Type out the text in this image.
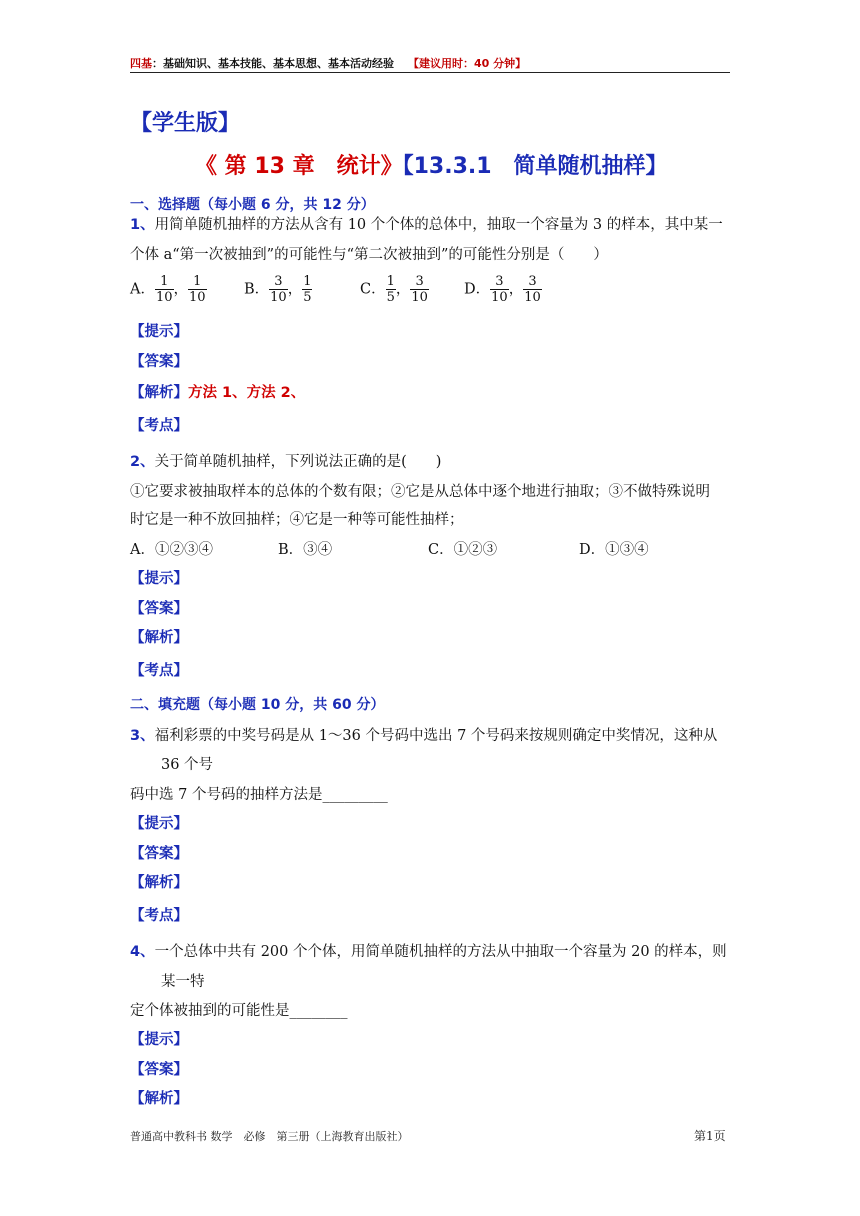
四基：基础知识、基本技能、基本思想、基本活动经验 【建议用时：40 分钟】
【学生版】
《 第 13 章　统计》【13.3.1　简单随机抽样】
一、选择题（每小题 6 分，共 12 分）
1、用简单随机抽样的方法从含有 10 个个体的总体中，抽取一个容量为 3 的样本，其中某一
个体 a“第一次被抽到”的可能性与“第二次被抽到”的可能性分别是（　　）
A． $\frac{1}{10}$ ， $\frac{1}{10}$	B． $\frac{3}{10}$ ， $\frac{1}{5}$	C． $\frac{1}{5}$ ， $\frac{3}{10}$ D． $\frac{3}{10}$ ， $\frac{3}{10}$
【提示】
【答案】
【解析】方法 1、方法 2、
【考点】
2、关于简单随机抽样，下列说法正确的是(　　)
①它要求被抽取样本的总体的个数有限；②它是从总体中逐个地进行抽取；③不做特殊说明
时它是一种不放回抽样；④它是一种等可能性抽样；
A．①②③④	B．③④	C．①②③	D．①③④
【提示】
【答案】
【解析】
【考点】
二、填充题（每小题 10 分，共 60 分）
3、福利彩票的中奖号码是从 1～36 个号码中选出 7 个号码来按规则确定中奖情况，这种从
36 个号
码中选 7 个号码的抽样方法是_________
【提示】
【答案】
【解析】
【考点】
4、一个总体中共有 200 个个体，用简单随机抽样的方法从中抽取一个容量为 20 的样本，则
某一特
定个体被抽到的可能性是________
【提示】
【答案】
【解析】
普通高中教科书 数学　必修　第三册（上海教育出版社）	第1页
